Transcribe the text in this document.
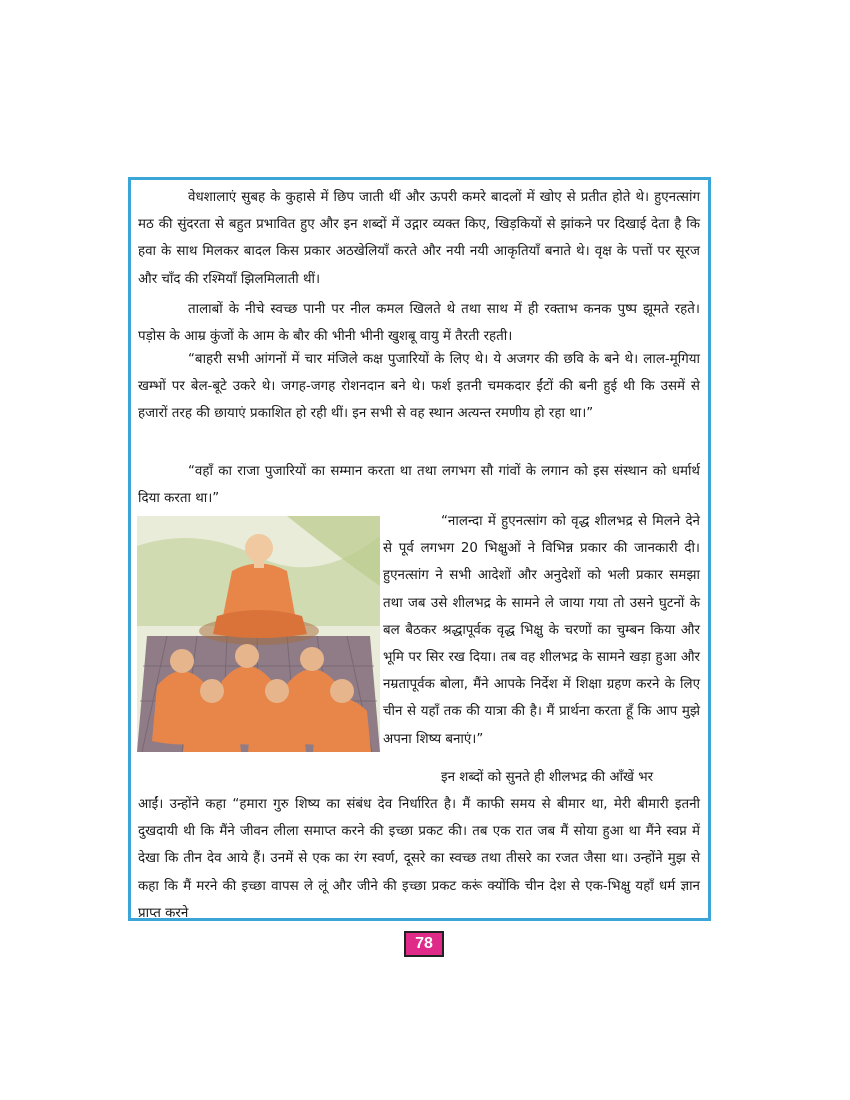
वेधशालाएं सुबह के कुहासे में छिप जाती थीं और ऊपरी कमरे बादलों में खोए से प्रतीत होते थे। हुएनत्सांग मठ की सुंदरता से बहुत प्रभावित हुए और इन शब्दों में उद्गार व्यक्त किए, खिड़कियों से झांकने पर दिखाई देता है कि हवा के साथ मिलकर बादल किस प्रकार अठखेलियाँ करते और नयी नयी आकृतियाँ बनाते थे। वृक्ष के पत्तों पर सूरज और चाँद की रश्मियाँ झिलमिलाती थीं।

तालाबों के नीचे स्वच्छ पानी पर नील कमल खिलते थे तथा साथ में ही रक्ताभ कनक पुष्प झूमते रहते। पड़ोस के आम्र कुंजों के आम के बौर की भीनी भीनी खुशबू वायु में तैरती रहती।

“बाहरी सभी आंगनों में चार मंजिले कक्ष पुजारियों के लिए थे। ये अजगर की छवि के बने थे। लाल-मूगिया खम्भों पर बेल-बूटे उकरे थे। जगह-जगह रोशनदान बने थे। फर्श इतनी चमकदार ईंटों की बनी हुई थी कि उसमें से हजारों तरह की छायाएं प्रकाशित हो रही थीं। इन सभी से वह स्थान अत्यन्त रमणीय हो रहा था।”

“वहाँ का राजा पुजारियों का सम्मान करता था तथा लगभग सौ गांवों के लगान को इस संस्थान को धर्मार्थ दिया करता था।”

“नालन्दा में हुएनत्सांग को वृद्ध शीलभद्र से मिलने देने से पूर्व लगभग 20 भिक्षुओं ने विभिन्न प्रकार की जानकारी दी। हुएनत्सांग ने सभी आदेशों और अनुदेशों को भली प्रकार समझा तथा जब उसे शीलभद्र के सामने ले जाया गया तो उसने घुटनों के बल बैठकर श्रद्धापूर्वक वृद्ध भिक्षु के चरणों का चुम्बन किया और भूमि पर सिर रख दिया। तब वह शीलभद्र के सामने खड़ा हुआ और नम्रतापूर्वक बोला, मैंने आपके निर्देश में शिक्षा ग्रहण करने के लिए चीन से यहाँ तक की यात्रा की है। मैं प्रार्थना करता हूँ कि आप मुझे अपना शिष्य बनाएं।”

इन शब्दों को सुनते ही शीलभद्र की आँखें भर

आईं। उन्होंने कहा “हमारा गुरु शिष्य का संबंध देव निर्धारित है। मैं काफी समय से बीमार था, मेरी बीमारी इतनी दुखदायी थी कि मैंने जीवन लीला समाप्त करने की इच्छा प्रकट की। तब एक रात जब मैं सोया हुआ था मैंने स्वप्न में देखा कि तीन देव आये हैं। उनमें से एक का रंग स्वर्ण, दूसरे का स्वच्छ तथा तीसरे का रजत जैसा था। उन्होंने मुझ से कहा कि मैं मरने की इच्छा वापस ले लूं और जीने की इच्छा प्रकट करूं क्योंकि चीन देश से एक-भिक्षु यहाँ धर्म ज्ञान प्राप्त करने

78
